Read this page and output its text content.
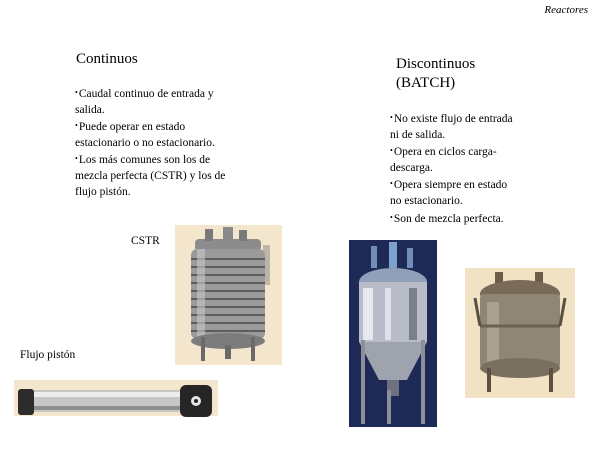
Reactores
Continuos
• Caudal continuo de entrada y
salida.
• Puede operar en estado
estacionario o no estacionario.
• Los más comunes son los de
mezcla perfecta (CSTR) y los de
flujo pistón.
Discontinuos
(BATCH)
• No existe flujo de entrada
ni de salida.
• Opera en ciclos carga-
descarga.
• Opera siempre en estado
no estacionario.
• Son de mezcla perfecta.
CSTR
Flujo pistón
